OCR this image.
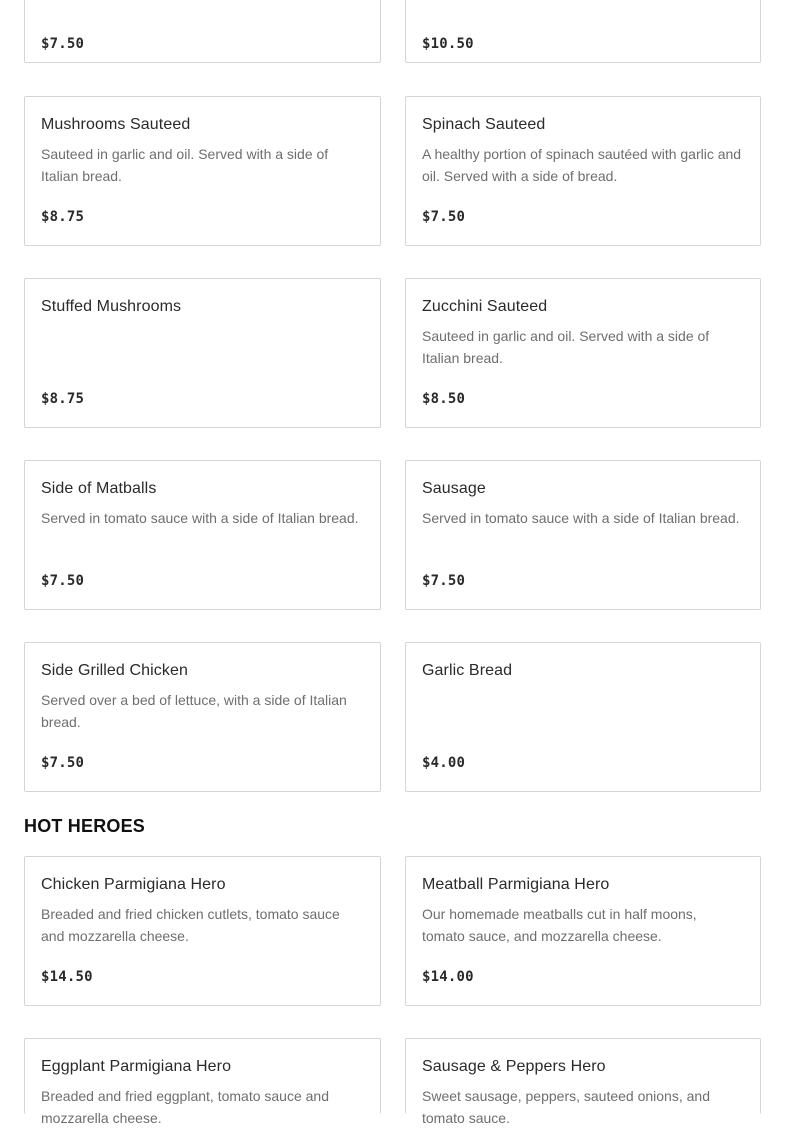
$7.50	$10.50
Mushrooms Sauteed
Sauteed in garlic and oil. Served with a side of Italian bread.
$8.75
Spinach Sauteed
A healthy portion of spinach sautéed with garlic and oil. Served with a side of bread.
$7.50
Stuffed Mushrooms
$8.75
Zucchini Sauteed
Sauteed in garlic and oil. Served with a side of Italian bread.
$8.50
Side of Matballs
Served in tomato sauce with a side of Italian bread.
$7.50
Sausage
Served in tomato sauce with a side of Italian bread.
$7.50
Side Grilled Chicken
Served over a bed of lettuce, with a side of Italian bread.
$7.50
Garlic Bread
$4.00
HOT HEROES
Chicken Parmigiana Hero
Breaded and fried chicken cutlets, tomato sauce and mozzarella cheese.
$14.50
Meatball Parmigiana Hero
Our homemade meatballs cut in half moons, tomato sauce, and mozzarella cheese.
$14.00
Eggplant Parmigiana Hero
Breaded and fried eggplant, tomato sauce and mozzarella cheese.
Sausage & Peppers Hero
Sweet sausage, peppers, sauteed onions, and tomato sauce.
